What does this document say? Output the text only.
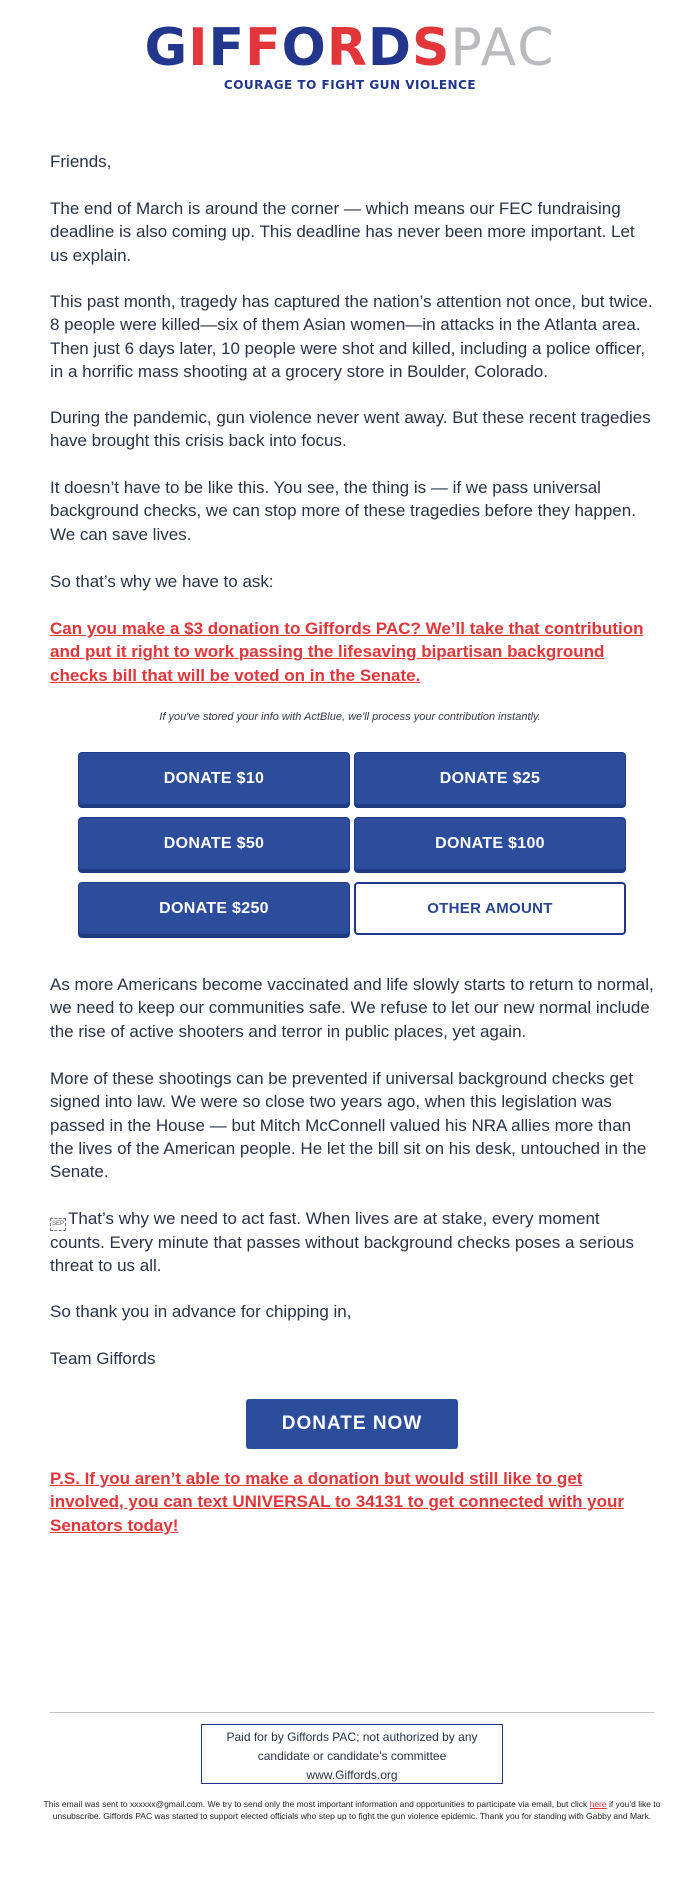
GIFFORDSPAC
COURAGE TO FIGHT GUN VIOLENCE
Friends,
The end of March is around the corner — which means our FEC fundraising deadline is also coming up. This deadline has never been more important. Let us explain.
This past month, tragedy has captured the nation’s attention not once, but twice. 8 people were killed—six of them Asian women—in attacks in the Atlanta area. Then just 6 days later, 10 people were shot and killed, including a police officer, in a horrific mass shooting at a grocery store in Boulder, Colorado.
During the pandemic, gun violence never went away. But these recent tragedies have brought this crisis back into focus.
It doesn’t have to be like this. You see, the thing is — if we pass universal background checks, we can stop more of these tragedies before they happen. We can save lives.
So that’s why we have to ask:
Can you make a $3 donation to Giffords PAC? We’ll take that contribution and put it right to work passing the lifesaving bipartisan background checks bill that will be voted on in the Senate.
If you've stored your info with ActBlue, we'll process your contribution instantly.
DONATE $10	DONATE $25
DONATE $50	DONATE $100
DONATE $250	OTHER AMOUNT
As more Americans become vaccinated and life slowly starts to return to normal, we need to keep our communities safe. We refuse to let our new normal include the rise of active shooters and terror in public places, yet again.
More of these shootings can be prevented if universal background checks get signed into law. We were so close two years ago, when this legislation was passed in the House — but Mitch McConnell valued his NRA allies more than the lives of the American people. He let the bill sit on his desk, untouched in the Senate.
SEP That’s why we need to act fast. When lives are at stake, every moment counts. Every minute that passes without background checks poses a serious threat to us all.
So thank you in advance for chipping in,
Team Giffords
DONATE NOW
P.S. If you aren’t able to make a donation but would still like to get involved, you can text UNIVERSAL to 34131 to get connected with your Senators today!
Paid for by Giffords PAC; not authorized by any
candidate or candidate’s committee
www.Giffords.org
This email was sent to xxxxxx@gmail.com. We try to send only the most important information and opportunities to participate via email, but click here if you’d like to unsubscribe. Giffords PAC was started to support elected officials who step up to fight the gun violence epidemic. Thank you for standing with Gabby and Mark.
